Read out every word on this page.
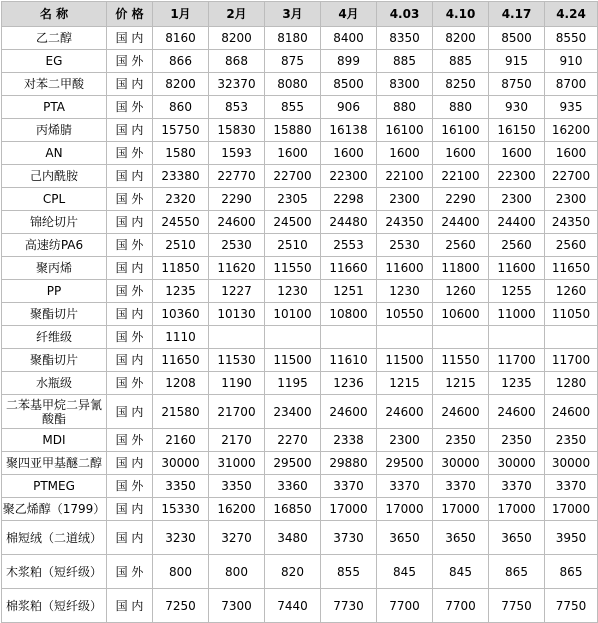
名 称	价 格	1月	2月	3月	4月	4.03	4.10	4.17	4.24
乙二醇	国 内	8160	8200	8180	8400	8350	8200	8500	8550
EG	国 外	866	868	875	899	885	885	915	910
对苯二甲酸	国 内	8200	32370	8080	8500	8300	8250	8750	8700
PTA	国 外	860	853	855	906	880	880	930	935
丙烯腈	国 内	15750	15830	15880	16138	16100	16100	16150	16200
AN	国 外	1580	1593	1600	1600	1600	1600	1600	1600
己内酰胺	国 内	23380	22770	22700	22300	22100	22100	22300	22700
CPL	国 外	2320	2290	2305	2298	2300	2290	2300	2300
锦纶切片	国 内	24550	24600	24500	24480	24350	24400	24400	24350
高速纺PA6	国 外	2510	2530	2510	2553	2530	2560	2560	2560
聚丙烯	国 内	11850	11620	11550	11660	11600	11800	11600	11650
PP	国 外	1235	1227	1230	1251	1230	1260	1255	1260
聚酯切片	国 内	10360	10130	10100	10800	10550	10600	11000	11050
纤维级	国 外	1110							
聚酯切片	国 内	11650	11530	11500	11610	11500	11550	11700	11700
水瓶级	国 外	1208	1190	1195	1236	1215	1215	1235	1280
二苯基甲烷二异氰酸酯	国 内	21580	21700	23400	24600	24600	24600	24600	24600
MDI	国 外	2160	2170	2270	2338	2300	2350	2350	2350
聚四亚甲基醚二醇	国 内	30000	31000	29500	29880	29500	30000	30000	30000
PTMEG	国 外	3350	3350	3360	3370	3370	3370	3370	3370
聚乙烯醇（1799）	国 内	15330	16200	16850	17000	17000	17000	17000	17000
棉短绒（二道绒）	国 内	3230	3270	3480	3730	3650	3650	3650	3950
木浆粕（短纤级）	国 外	800	800	820	855	845	845	865	865
棉浆粕（短纤级）	国 内	7250	7300	7440	7730	7700	7700	7750	7750
